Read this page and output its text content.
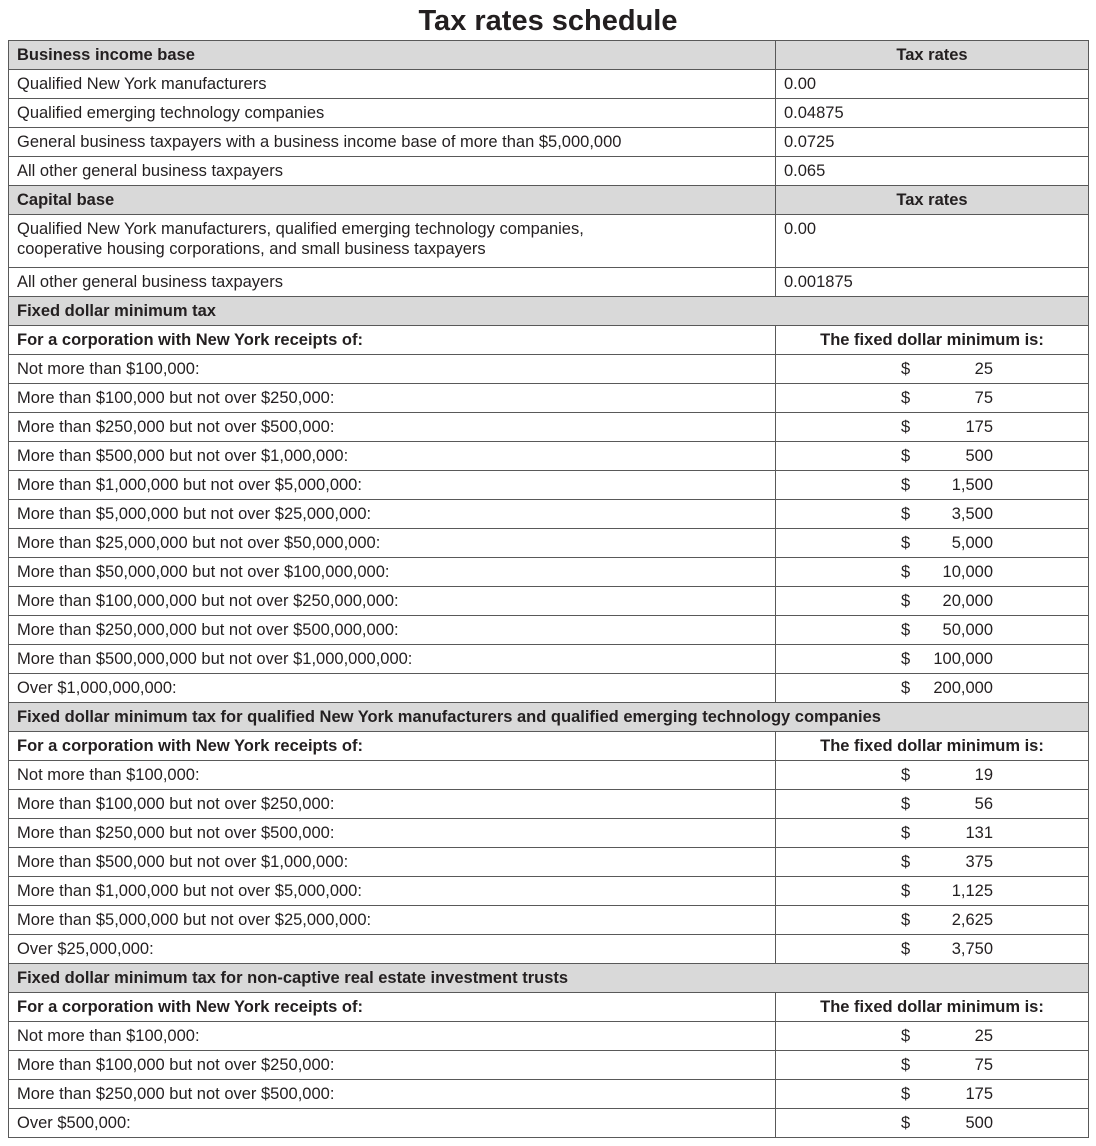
Tax rates schedule
Business income base	Tax rates
Qualified New York manufacturers	0.00
Qualified emerging technology companies	0.04875
General business taxpayers with a business income base of more than $5,000,000	0.0725
All other general business taxpayers	0.065
Capital base	Tax rates

Qualified New York manufacturers, qualified emerging technology companies,
cooperative housing corporations, and small business taxpayers	0.00
All other general business taxpayers	0.001875
Fixed dollar minimum tax	
For a corporation with New York receipts of:	The fixed dollar minimum is:
Not more than $100,000:	$ 25

More than $100,000 but not over $250,000:	$ 75

More than $250,000 but not over $500,000:	$ 175

More than $500,000 but not over $1,000,000:	$ 500

More than $1,000,000 but not over $5,000,000:	$ 1,500

More than $5,000,000 but not over $25,000,000:	$ 3,500

More than $25,000,000 but not over $50,000,000:	$ 5,000

More than $50,000,000 but not over $100,000,000:	$ 10,000

More than $100,000,000 but not over $250,000,000:	$ 20,000

More than $250,000,000 but not over $500,000,000:	$ 50,000

More than $500,000,000 but not over $1,000,000,000:	$ 100,000

Over $1,000,000,000:	$ 200,000

Fixed dollar minimum tax for qualified New York manufacturers and qualified emerging technology companies	
For a corporation with New York receipts of:	The fixed dollar minimum is:
Not more than $100,000:	$ 19

More than $100,000 but not over $250,000:	$ 56

More than $250,000 but not over $500,000:	$ 131

More than $500,000 but not over $1,000,000:	$ 375

More than $1,000,000 but not over $5,000,000:	$ 1,125

More than $5,000,000 but not over $25,000,000:	$ 2,625

Over $25,000,000:	$ 3,750

Fixed dollar minimum tax for non-captive real estate investment trusts	
For a corporation with New York receipts of:	The fixed dollar minimum is:
Not more than $100,000:	$ 25

More than $100,000 but not over $250,000:	$ 75

More than $250,000 but not over $500,000:	$ 175

Over $500,000:	$ 500
